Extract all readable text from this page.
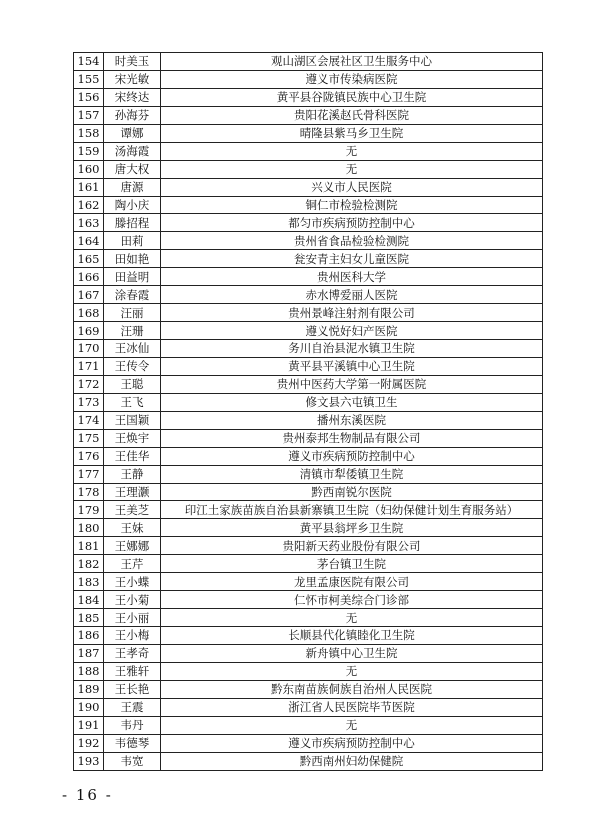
154	时美玉	观山湖区会展社区卫生服务中心
155	宋光敏	遵义市传染病医院
156	宋终达	黄平县谷陇镇民族中心卫生院
157	孙海芬	贵阳花溪赵氏骨科医院
158	谭娜	晴隆县紫马乡卫生院
159	汤海霞	无
160	唐大权	无
161	唐源	兴义市人民医院
162	陶小庆	铜仁市检验检测院
163	滕招程	都匀市疾病预防控制中心
164	田莉	贵州省食品检验检测院
165	田如艳	瓮安青主妇女儿童医院
166	田益明	贵州医科大学
167	涂春霞	赤水博爱丽人医院
168	汪丽	贵州景峰注射剂有限公司
169	汪珊	遵义悦好妇产医院
170	王冰仙	务川自治县泥水镇卫生院
171	王传令	黄平县平溪镇中心卫生院
172	王聪	贵州中医药大学第一附属医院
173	王飞	修文县六屯镇卫生
174	王国颖	播州东溪医院
175	王焕宇	贵州泰邦生物制品有限公司
176	王佳华	遵义市疾病预防控制中心
177	王静	清镇市犁倭镇卫生院
178	王理灏	黔西南锐尔医院
179	王美芝	印江土家族苗族自治县新寨镇卫生院（妇幼保健计划生育服务站）
180	王妹	黄平县翁坪乡卫生院
181	王娜娜	贵阳新天药业股份有限公司
182	王芹	茅台镇卫生院
183	王小蝶	龙里孟康医院有限公司
184	王小菊	仁怀市柯美综合门诊部
185	王小丽	无
186	王小梅	长顺县代化镇睦化卫生院
187	王孝奇	新舟镇中心卫生院
188	王雅轩	无
189	王长艳	黔东南苗族侗族自治州人民医院
190	王震	浙江省人民医院毕节医院
191	韦丹	无
192	韦德琴	遵义市疾病预防控制中心
193	韦宽	黔西南州妇幼保健院
- 16 -
